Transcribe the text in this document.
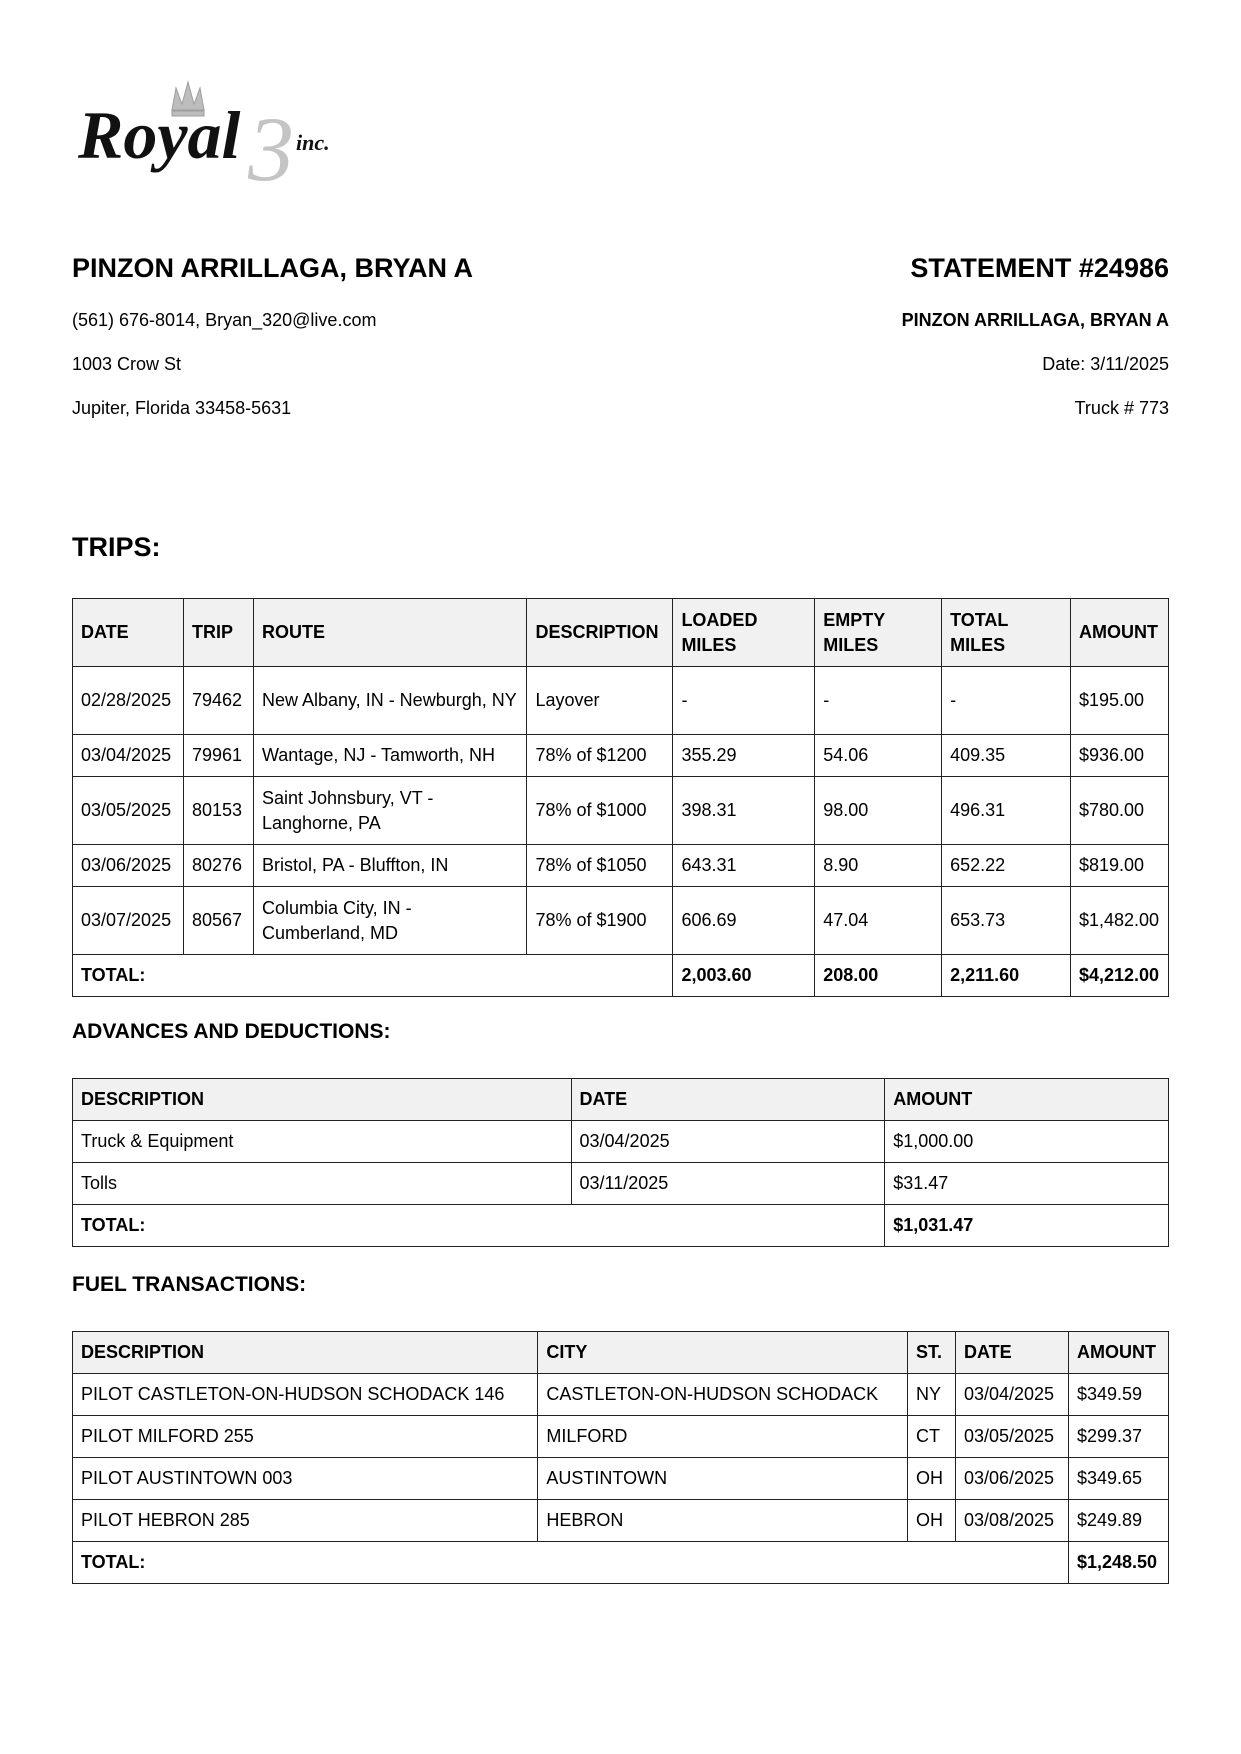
Royal 3 inc.
PINZON ARRILLAGA, BRYAN A
(561) 676-8014, Bryan_320@live.com
1003 Crow St
Jupiter, Florida 33458-5631
STATEMENT #24986
PINZON ARRILLAGA, BRYAN A
Date: 3/11/2025
Truck # 773
TRIPS:
DATE	TRIP	ROUTE	DESCRIPTION	LOADED MILES	EMPTY MILES	TOTAL MILES	AMOUNT
02/28/2025	79462	New Albany, IN - Newburgh, NY	Layover	-	-	-	$195.00
03/04/2025	79961	Wantage, NJ - Tamworth, NH	78% of $1200	355.29	54.06	409.35	$936.00
03/05/2025	80153	Saint Johnsbury, VT - Langhorne, PA	78% of $1000	398.31	98.00	496.31	$780.00
03/06/2025	80276	Bristol, PA - Bluffton, IN	78% of $1050	643.31	8.90	652.22	$819.00
03/07/2025	80567	Columbia City, IN - Cumberland, MD	78% of $1900	606.69	47.04	653.73	$1,482.00
TOTAL:				2,003.60	208.00	2,211.60	$4,212.00
ADVANCES AND DEDUCTIONS:
DESCRIPTION	DATE	AMOUNT
Truck & Equipment	03/04/2025	$1,000.00
Tolls	03/11/2025	$31.47
TOTAL:		$1,031.47
FUEL TRANSACTIONS:
DESCRIPTION	CITY	ST.	DATE	AMOUNT
PILOT CASTLETON-ON-HUDSON SCHODACK 146	CASTLETON-ON-HUDSON SCHODACK	NY	03/04/2025	$349.59
PILOT MILFORD 255	MILFORD	CT	03/05/2025	$299.37
PILOT AUSTINTOWN 003	AUSTINTOWN	OH	03/06/2025	$349.65
PILOT HEBRON 285	HEBRON	OH	03/08/2025	$249.89
TOTAL:				$1,248.50
